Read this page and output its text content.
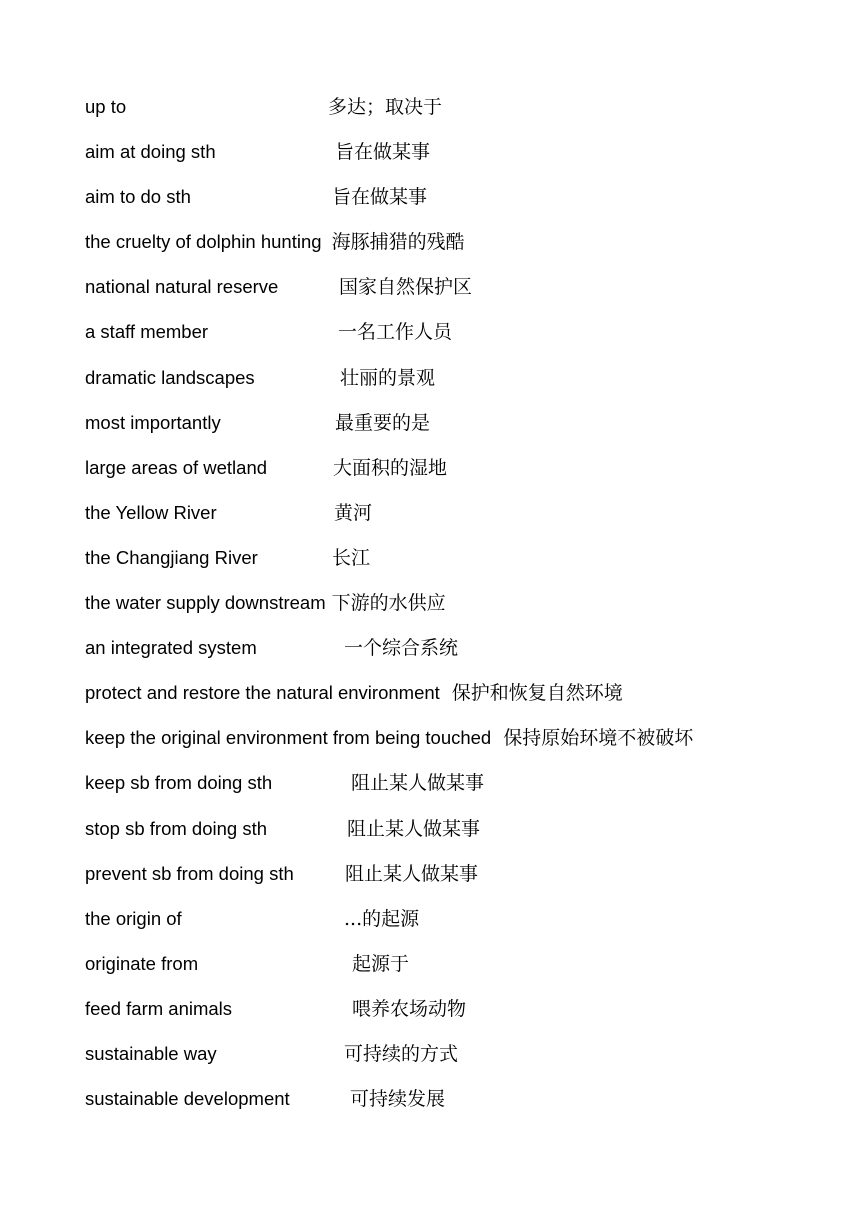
up to	多达；取决于
aim at doing sth	旨在做某事
aim to do sth	旨在做某事
the cruelty of dolphin hunting 海豚捕猎的残酷
national natural reserve	国家自然保护区
a staff member	一名工作人员
dramatic landscapes	壮丽的景观
most importantly	最重要的是
large areas of wetland	大面积的湿地
the Yellow River	黄河
the Changjiang River	长江
the water supply downstream 下游的水供应
an integrated system	一个综合系统
protect and restore the natural environment 保护和恢复自然环境
keep the original environment from being touched 保持原始环境不被破坏
keep sb from doing sth	阻止某人做某事
stop sb from doing sth	阻止某人做某事
prevent sb from doing sth	阻止某人做某事
the origin of	...的起源
originate from	起源于
feed farm animals	喂养农场动物
sustainable way	可持续的方式
sustainable development	可持续发展
